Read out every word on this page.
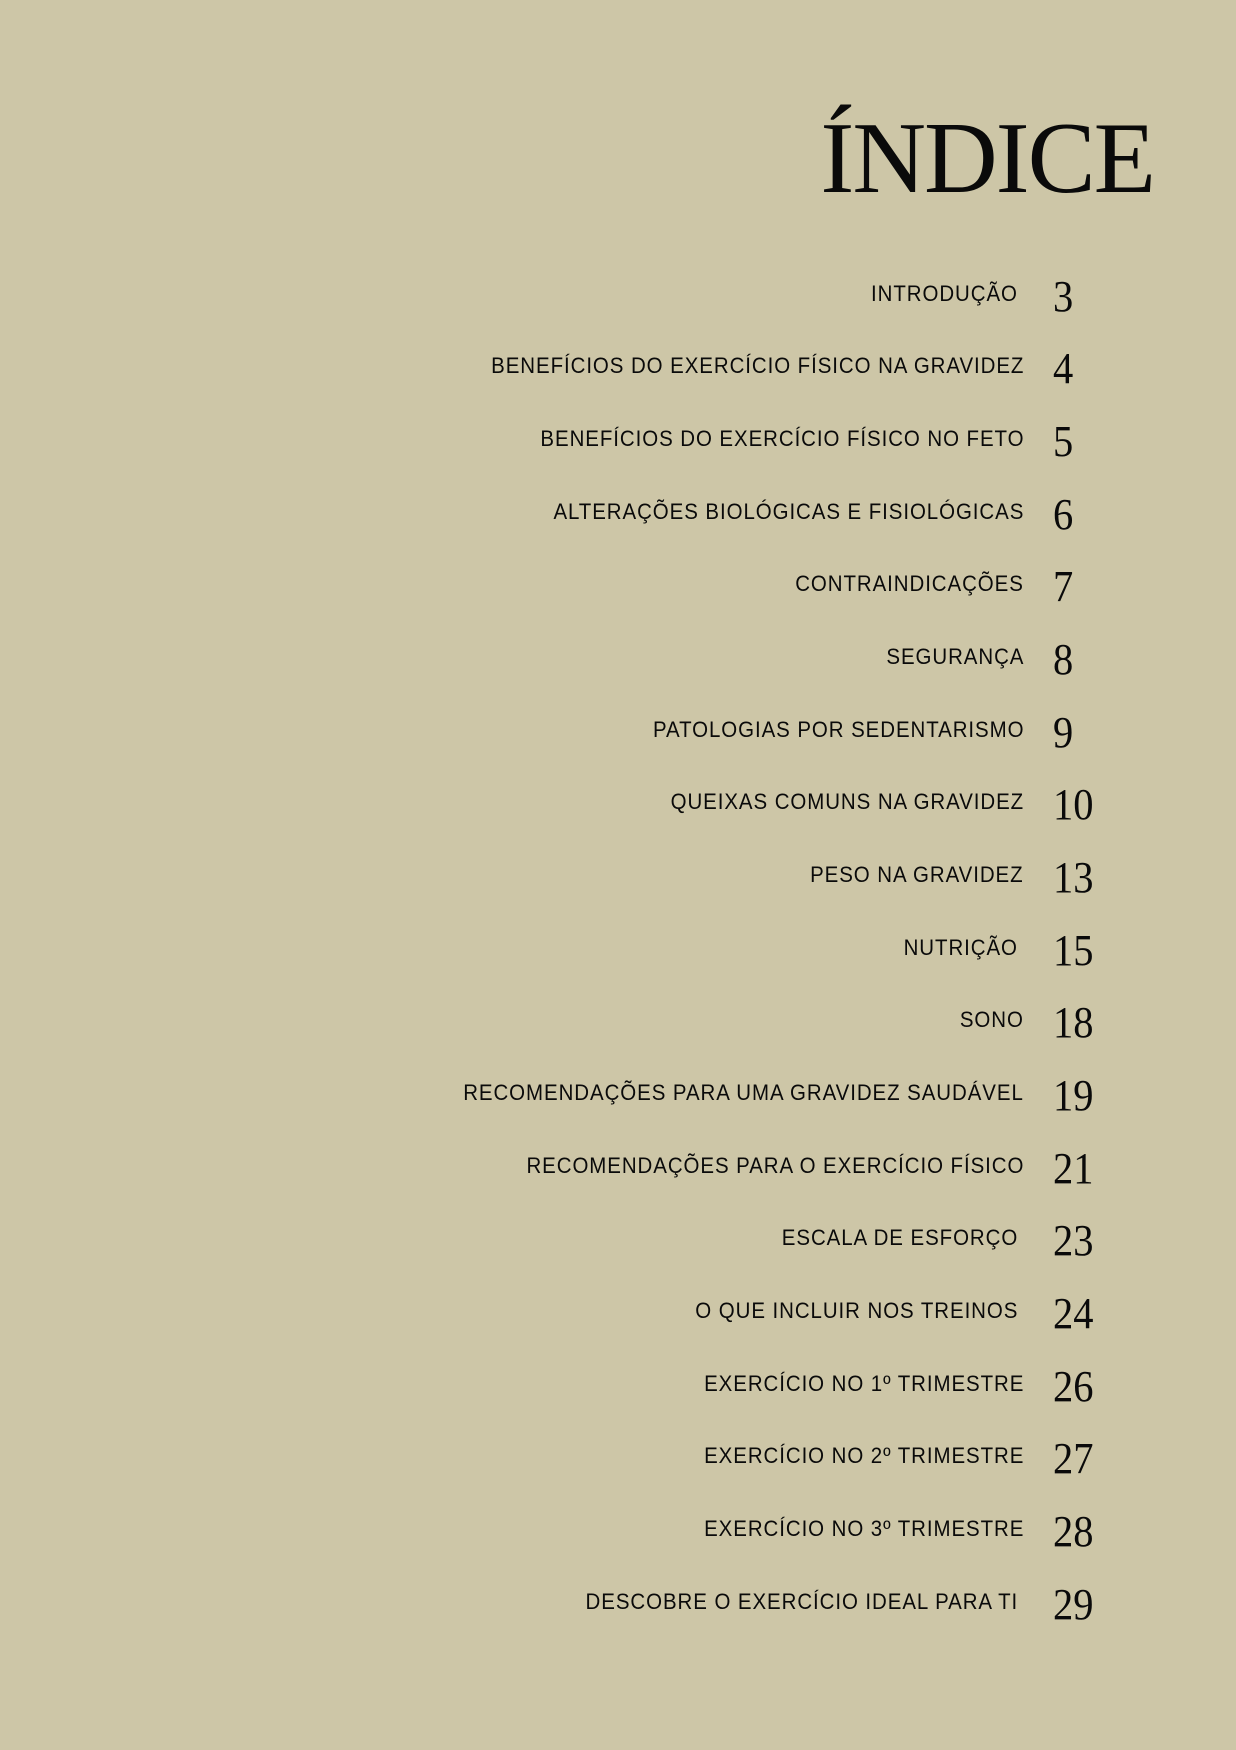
ÍNDICE
INTRODUÇÃO 3
BENEFÍCIOS DO EXERCÍCIO FÍSICO NA GRAVIDEZ 4
BENEFÍCIOS DO EXERCÍCIO FÍSICO NO FETO 5
ALTERAÇÕES BIOLÓGICAS E FISIOLÓGICAS 6
CONTRAINDICAÇÕES 7
SEGURANÇA 8
PATOLOGIAS POR SEDENTARISMO 9
QUEIXAS COMUNS NA GRAVIDEZ 10
PESO NA GRAVIDEZ 13
NUTRIÇÃO 15
SONO 18
RECOMENDAÇÕES PARA UMA GRAVIDEZ SAUDÁVEL 19
RECOMENDAÇÕES PARA O EXERCÍCIO FÍSICO 21
ESCALA DE ESFORÇO 23
O QUE INCLUIR NOS TREINOS 24
EXERCÍCIO NO 1º TRIMESTRE 26
EXERCÍCIO NO 2º TRIMESTRE 27
EXERCÍCIO NO 3º TRIMESTRE 28
DESCOBRE O EXERCÍCIO IDEAL PARA TI 29
